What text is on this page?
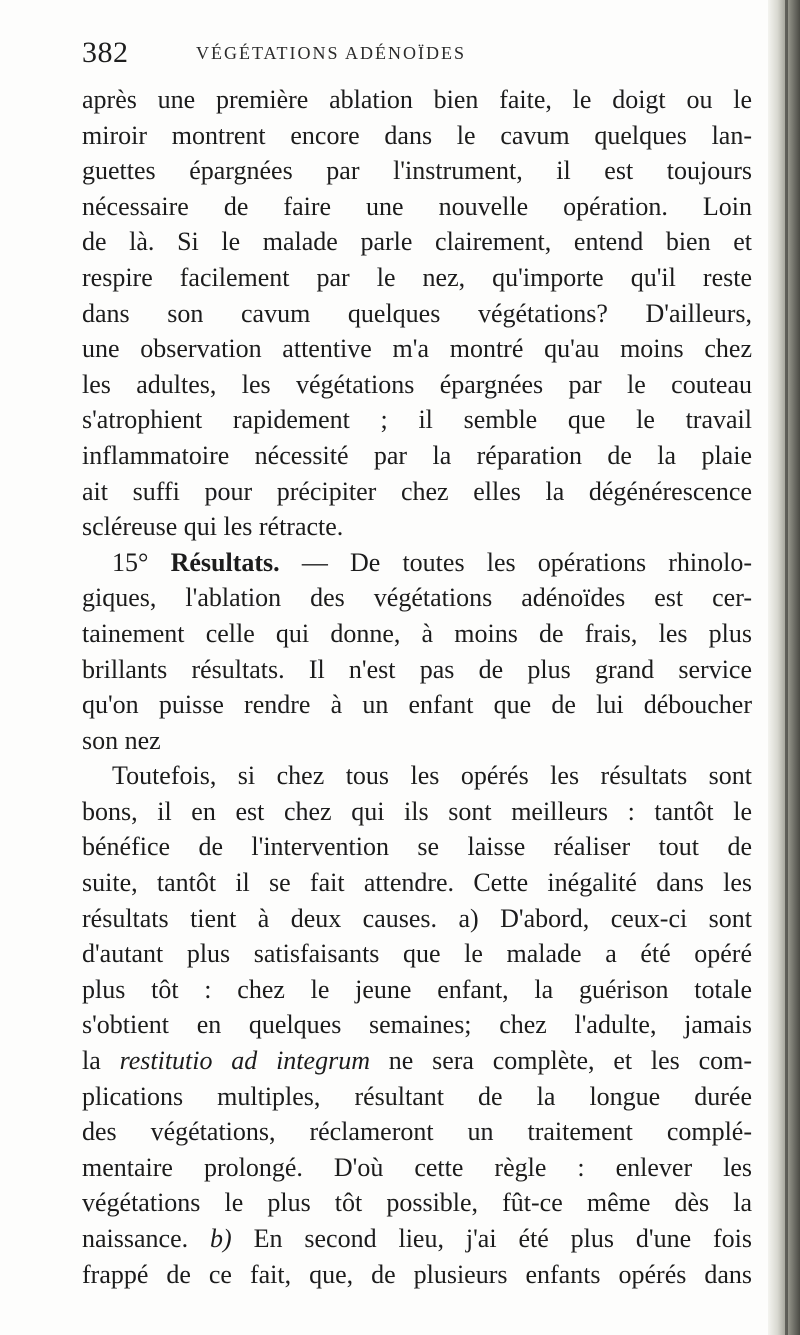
382	VÉGÉTATIONS ADÉNOÏDES
après une première ablation bien faite, le doigt ou le
miroir montrent encore dans le cavum quelques lan-
guettes épargnées par l'instrument, il est toujours
nécessaire de faire une nouvelle opération. Loin
de là. Si le malade parle clairement, entend bien et
respire facilement par le nez, qu'importe qu'il reste
dans son cavum quelques végétations? D'ailleurs,
une observation attentive m'a montré qu'au moins chez
les adultes, les végétations épargnées par le couteau
s'atrophient rapidement ; il semble que le travail
inflammatoire nécessité par la réparation de la plaie
ait suffi pour précipiter chez elles la dégénérescence
scléreuse qui les rétracte.
15° Résultats. — De toutes les opérations rhinolo-
giques, l'ablation des végétations adénoïdes est cer-
tainement celle qui donne, à moins de frais, les plus
brillants résultats. Il n'est pas de plus grand service
qu'on puisse rendre à un enfant que de lui déboucher
son nez
Toutefois, si chez tous les opérés les résultats sont
bons, il en est chez qui ils sont meilleurs : tantôt le
bénéfice de l'intervention se laisse réaliser tout de
suite, tantôt il se fait attendre. Cette inégalité dans les
résultats tient à deux causes. a) D'abord, ceux-ci sont
d'autant plus satisfaisants que le malade a été opéré
plus tôt : chez le jeune enfant, la guérison totale
s'obtient en quelques semaines; chez l'adulte, jamais
la restitutio ad integrum ne sera complète, et les com-
plications multiples, résultant de la longue durée
des végétations, réclameront un traitement complé-
mentaire prolongé. D'où cette règle : enlever les
végétations le plus tôt possible, fût-ce même dès la
naissance. b) En second lieu, j'ai été plus d'une fois
frappé de ce fait, que, de plusieurs enfants opérés dans
